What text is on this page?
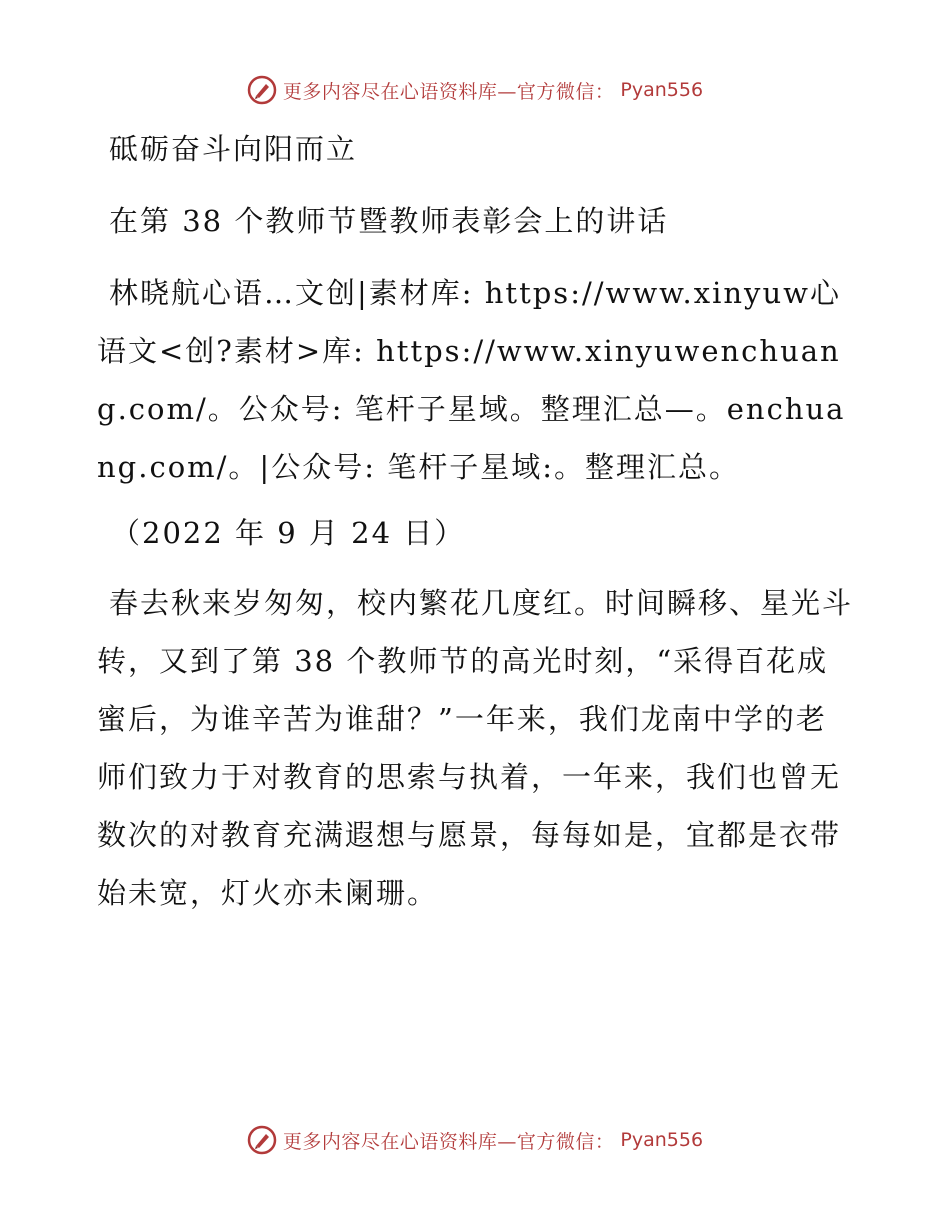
更多内容尽在心语资料库—官方微信： Pyan556

砥砺奋斗向阳而立

在第 38 个教师节暨教师表彰会上的讲话

林晓航心语…文创|素材库: https://www.xinyuw心语文<创?素材>库: https://www.xinyuwenchuang.com/。公众号: 笔杆子星域。整理汇总—。enchuang.com/。|公众号: 笔杆子星域:。整理汇总。

（2022 年 9 月 24 日）

春去秋来岁匆匆，校内繁花几度红。时间瞬移、星光斗转，又到了第 38 个教师节的高光时刻，“采得百花成蜜后，为谁辛苦为谁甜？”一年来，我们龙南中学的老师们致力于对教育的思索与执着，一年来，我们也曾无数次的对教育充满遐想与愿景，每每如是，宜都是衣带始未宽，灯火亦未阑珊。

更多内容尽在心语资料库—官方微信： Pyan556
